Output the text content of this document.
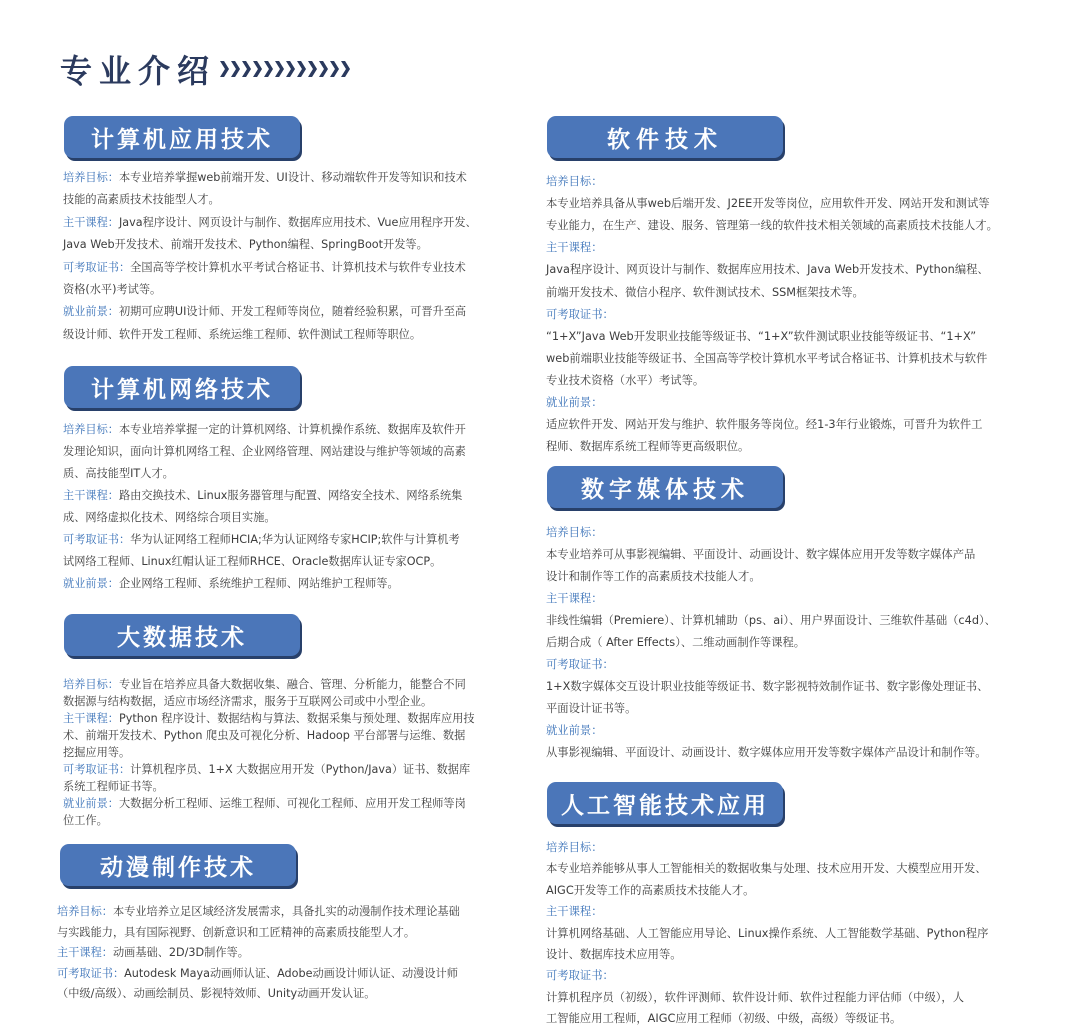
专业介绍
计算机应用技术
计算机网络技术
大数据技术
动漫制作技术
软件技术
数字媒体技术
人工智能技术应用
培养目标：本专业培养掌握web前端开发、UI设计、移动端软件开发等知识和技术
技能的高素质技术技能型人才。
主干课程：Java程序设计、网页设计与制作、数据库应用技术、Vue应用程序开发、
Java Web开发技术、前端开发技术、Python编程、SpringBoot开发等。
可考取证书：全国高等学校计算机水平考试合格证书、计算机技术与软件专业技术
资格(水平)考试等。
就业前景：初期可应聘UI设计师、开发工程师等岗位，随着经验积累，可晋升至高
级设计师、软件开发工程师、系统运维工程师、软件测试工程师等职位。
培养目标：本专业培养掌握一定的计算机网络、计算机操作系统、数据库及软件开
发理论知识，面向计算机网络工程、企业网络管理、网站建设与维护等领域的高素
质、高技能型IT人才。
主干课程：路由交换技术、Linux服务器管理与配置、网络安全技术、网络系统集
成、网络虚拟化技术、网络综合项目实施。
可考取证书：华为认证网络工程师HCIA;华为认证网络专家HCIP;软件与计算机考
试网络工程师、Linux红帽认证工程师RHCE、Oracle数据库认证专家OCP。
就业前景：企业网络工程师、系统维护工程师、网站维护工程师等。
培养目标：专业旨在培养应具备大数据收集、融合、管理、分析能力，能整合不同
数据源与结构数据，适应市场经济需求，服务于互联网公司或中小型企业。
主干课程：Python 程序设计、数据结构与算法、数据采集与预处理、数据库应用技
术、前端开发技术、Python 爬虫及可视化分析、Hadoop 平台部署与运维、数据
挖掘应用等。
可考取证书：计算机程序员、1+X 大数据应用开发（Python/Java）证书、数据库
系统工程师证书等。
就业前景：大数据分析工程师、运维工程师、可视化工程师、应用开发工程师等岗
位工作。
培养目标：本专业培养立足区域经济发展需求，具备扎实的动漫制作技术理论基础
与实践能力，具有国际视野、创新意识和工匠精神的高素质技能型人才。
主干课程：动画基础、2D/3D制作等。
可考取证书：Autodesk Maya动画师认证、Adobe动画设计师认证、动漫设计师
（中级/高级）、动画绘制员、影视特效师、Unity动画开发认证。
培养目标：
本专业培养具备从事web后端开发、J2EE开发等岗位，应用软件开发、网站开发和测试等
专业能力，在生产、建设、服务、管理第一线的软件技术相关领域的高素质技术技能人才。
主干课程：
Java程序设计、网页设计与制作、数据库应用技术、Java Web开发技术、Python编程、
前端开发技术、微信小程序、软件测试技术、SSM框架技术等。
可考取证书：
“1+X”Java Web开发职业技能等级证书、“1+X”软件测试职业技能等级证书、“1+X”
web前端职业技能等级证书、全国高等学校计算机水平考试合格证书、计算机技术与软件
专业技术资格（水平）考试等。
就业前景：
适应软件开发、网站开发与维护、软件服务等岗位。经1-3年行业锻炼，可晋升为软件工
程师、数据库系统工程师等更高级职位。
培养目标：
本专业培养可从事影视编辑、平面设计、动画设计、数字媒体应用开发等数字媒体产品
设计和制作等工作的高素质技术技能人才。
主干课程：
非线性编辑（Premiere）、计算机辅助（ps、ai）、用户界面设计、三维软件基础（c4d）、
后期合成（ After Effects）、二维动画制作等课程。
可考取证书：
1+X数字媒体交互设计职业技能等级证书、数字影视特效制作证书、数字影像处理证书、
平面设计证书等。
就业前景：
从事影视编辑、平面设计、动画设计、数字媒体应用开发等数字媒体产品设计和制作等。
培养目标：
本专业培养能够从事人工智能相关的数据收集与处理、技术应用开发、大模型应用开发、
AIGC开发等工作的高素质技术技能人才。
主干课程：
计算机网络基础、人工智能应用导论、Linux操作系统、人工智能数学基础、Python程序
设计、数据库技术应用等。
可考取证书：
计算机程序员（初级），软件评测师、软件设计师、软件过程能力评估师（中级），人
工智能应用工程师，AIGC应用工程师（初级、中级，高级）等级证书。
